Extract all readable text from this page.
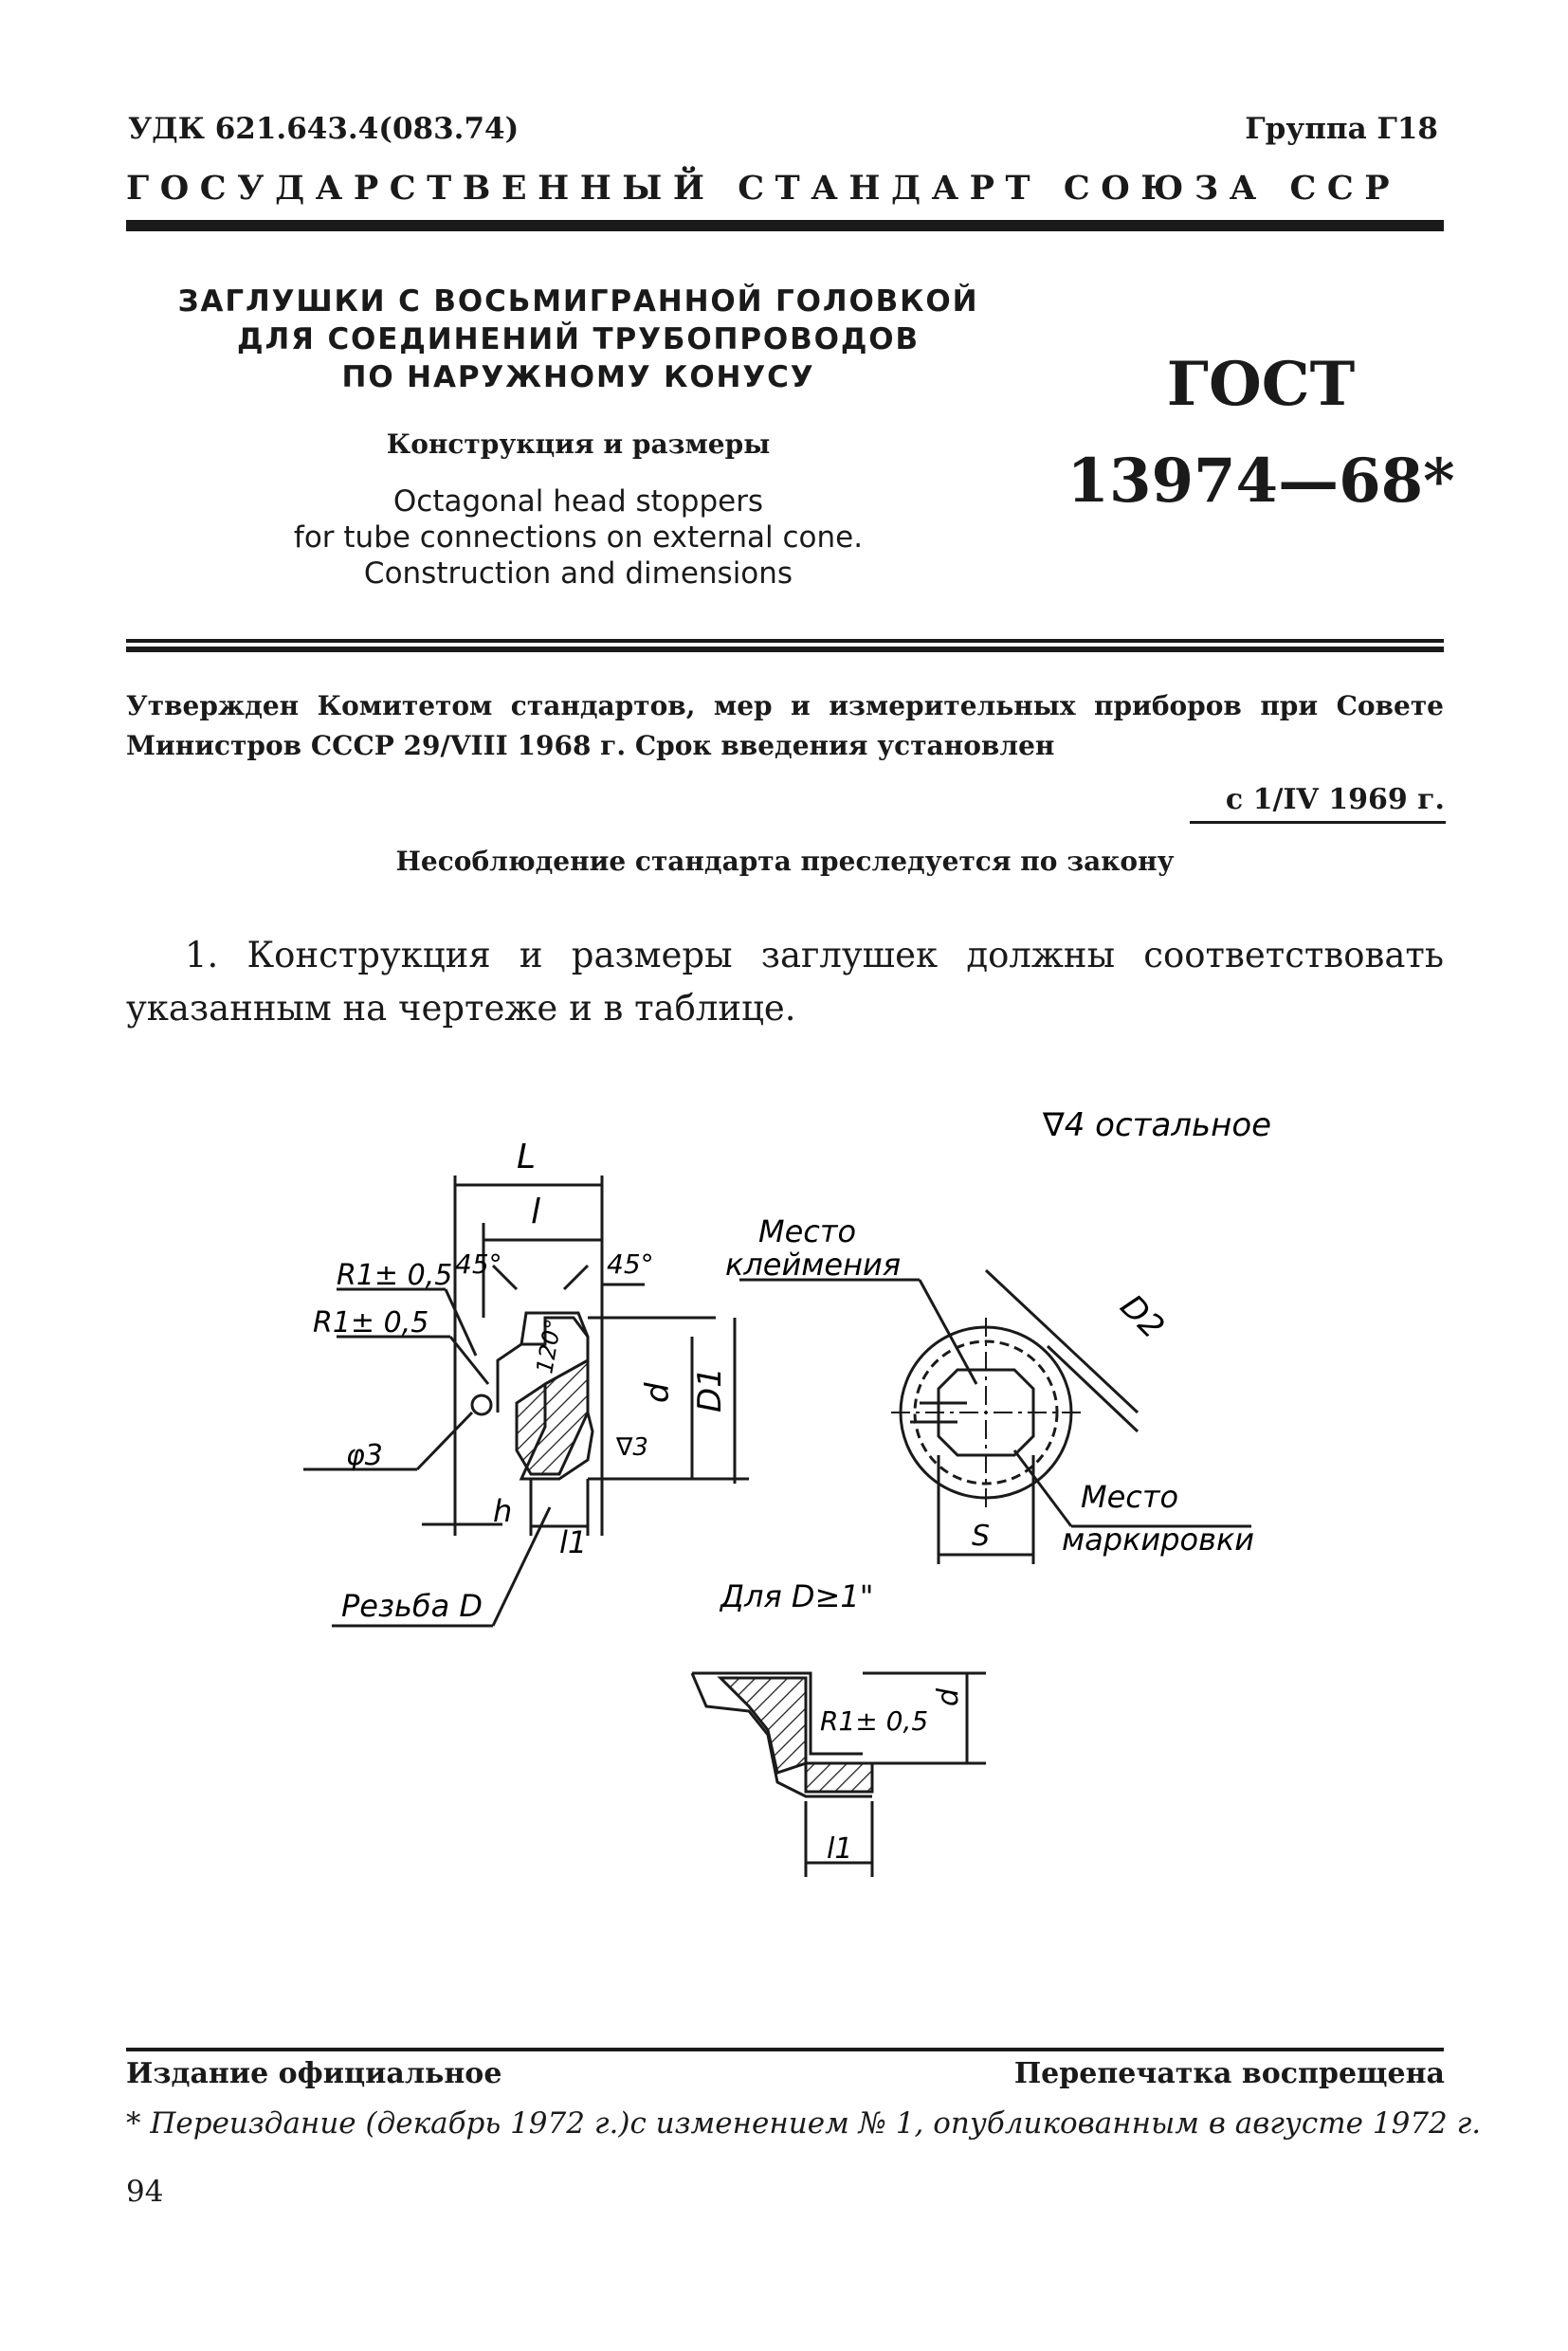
УДК 621.643.4(083.74)	Группа Г18
ГОСУДАРСТВЕННЫЙ СТАНДАРТ СОЮЗА ССР
ЗАГЛУШКИ С ВОСЬМИГРАННОЙ ГОЛОВКОЙ
ДЛЯ СОЕДИНЕНИЙ ТРУБОПРОВОДОВ
ПО НАРУЖНОМУ КОНУСУ
Конструкция и размеры
Octagonal head stoppers
for tube connections on external cone.
Construction and dimensions
ГОСТ
13974—68*
Утвержден Комитетом стандартов, мер и измерительных приборов при Совете Министров СССР 29/VIII 1968 г. Срок введения установлен
с 1/IV 1969 г.
Несоблюдение стандарта преследуется по закону
1. Конструкция и размеры заглушек должны соответствовать указанным на чертеже и в таблице.
∇4 остальное
L
l
45°	45°
R1± 0,5
R1± 0,5
φ3
120°
d D1
∇3
h
l1
Резьба D
Место
клеймения
D2
S
Место
маркировки
Для D≥1"
d
R1± 0,5
l1
Издание официальное	Перепечатка воспрещена
* Переиздание (декабрь 1972 г.)с изменением № 1, опубликованным в августе 1972 г.
94
